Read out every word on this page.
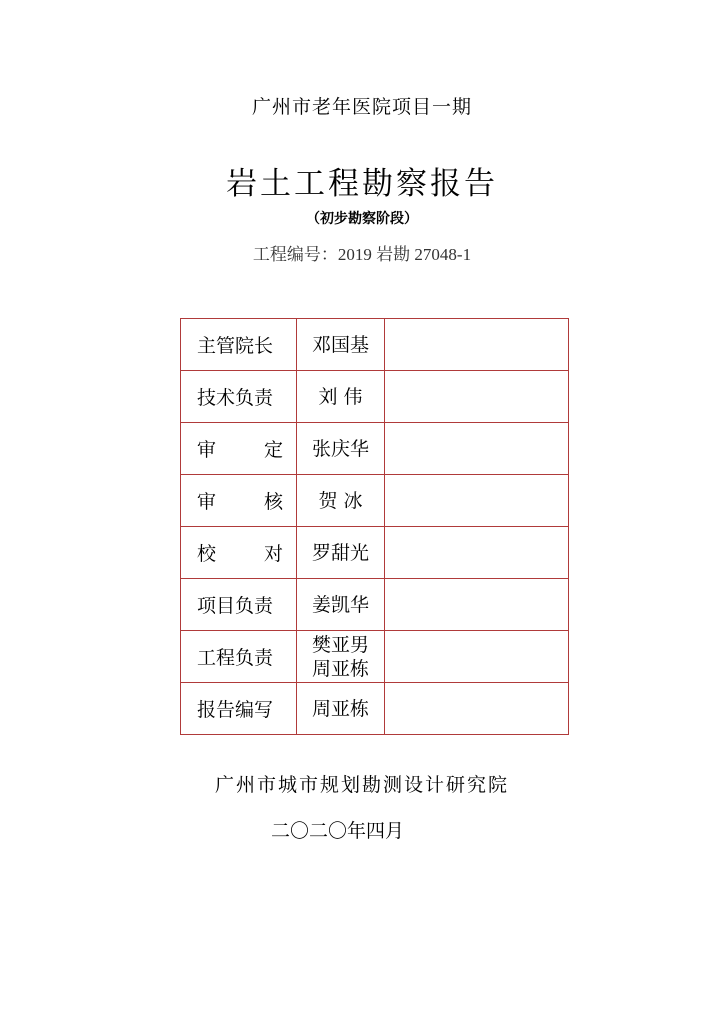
广州市老年医院项目一期
岩土工程勘察报告
（初步勘察阶段）
工程编号：2019 岩勘 27048-1
主管院长	邓国基	

技术负责	刘 伟	

审 定	张庆华	

审 核	贺 冰	

校 对	罗甜光	

项目负责	姜凯华	

工程负责	樊亚男
周亚栋	

报告编写	周亚栋	

广州市城市规划勘测设计研究院
二〇二〇年四月
